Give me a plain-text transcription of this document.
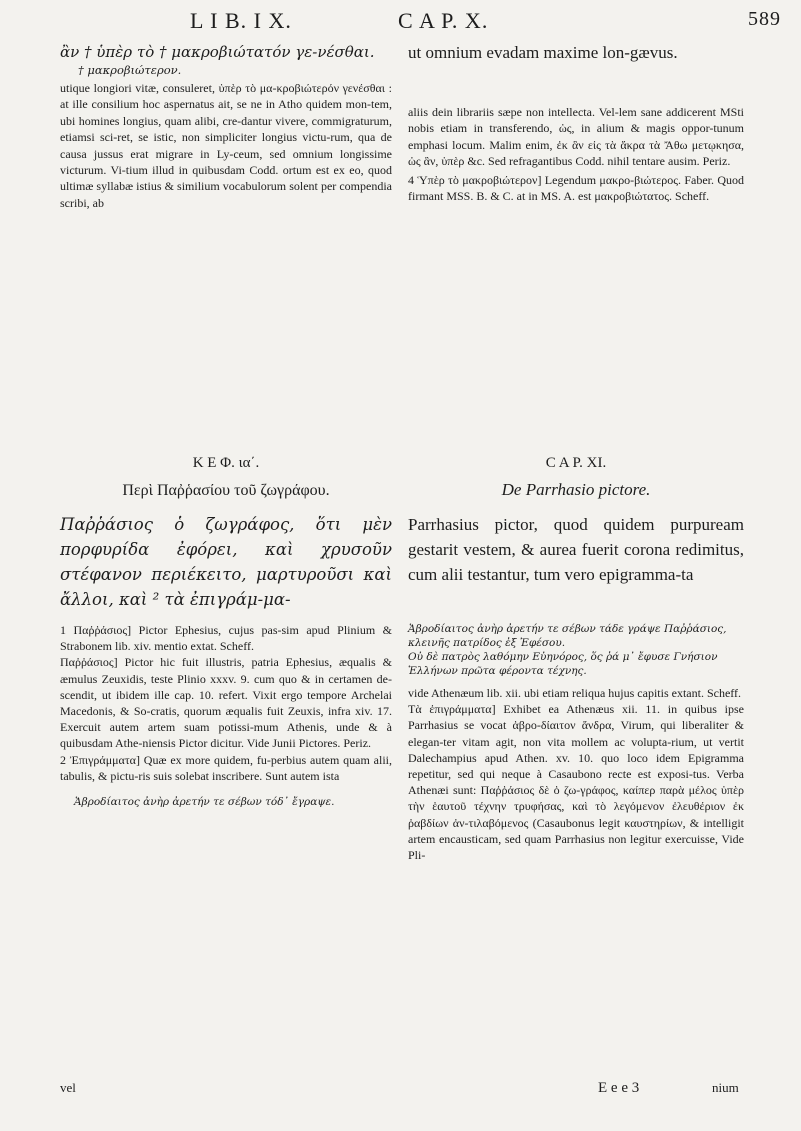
L I B. I X.	C A P. X.	589

ἂν † ὑπὲρ τὸ † μακροβιώτατόν γε-νέσθαι.

† μακροβιώτερον.

utique longiori vitæ, consuleret, ὑπὲρ τὸ μα-κροβιώτερόν γενέσθαι : at ille consilium hoc aspernatus ait, se ne in Atho quidem mon-tem, ubi homines longius, quam alibi, cre-dantur vivere, commigraturum, etiamsi sci-ret, se istic, non simpliciter longius victu-rum, qua de causa jussus erat migrare in Ly-ceum, sed omnium longissime victurum. Vi-tium illud in quibusdam Codd. ortum est ex eo, quod ultimæ syllabæ istius & similium vocabulorum solent per compendia scribi, ab

Κ Ε Φ. ια΄.
Περὶ Παῤῥασίου τοῦ ζωγράφου.

Παῤῥάσιος ὁ ζωγράφος, ὅτι μὲν πορφυρίδα ἐφόρει, καὶ χρυσοῦν στέφανον περιέκειτο, μαρτυροῦσι καὶ ἄλλοι, καὶ ² τὰ ἐπιγράμ-μα-

1 Παῤῥάσιος] Pictor Ephesius, cujus pas-sim apud Plinium & Strabonem lib. xiv. mentio extat. Scheff.

Παῤῥάσιος] Pictor hic fuit illustris, patria Ephesius, æqualis & æmulus Zeuxidis, teste Plinio xxxv. 9. cum quo & in certamen de-scendit, ut ibidem ille cap. 10. refert. Vixit ergo tempore Archelai Macedonis, & So-cratis, quorum æqualis fuit Zeuxis, infra xiv. 17. Exercuit autem artem suam potissi-mum Athenis, unde & à quibusdam Athe-niensis Pictor dicitur. Vide Junii Pictores. Periz.

2 Ἐπιγράμματα] Quæ ex more quidem, fu-perbius autem quam alii, tabulis, & pictu-ris suis solebat inscribere. Sunt autem ista

Ἁβροδίαιτος ἀνὴρ ἀρετήν τε σέβων τόδ᾽ ἔγραψε.

vel

ut omnium evadam maxime lon-gævus.

aliis dein librariis sæpe non intellecta. Vel-lem sane addicerent MSti nobis etiam in transferendo, ὡς, in alium & magis oppor-tunum emphasi locum. Malim enim, ἐκ ἂν εἰς τὰ ἄκρα τὰ Ἄθω μετῳκησα, ὡς ἂν, ὑπὲρ &c. Sed refragantibus Codd. nihil tentare ausim. Periz.

4 Ὑπὲρ τὸ μακροβιώτερον] Legendum μακρο-βιώτερος. Faber. Quod firmant MSS. B. & C. at in MS. A. est μακροβιώτατος. Scheff.

C A P. XI.
De Parrhasio pictore.

Parrhasius pictor, quod quidem purpuream gestarit vestem, & aurea fuerit corona redimitus, cum alii testantur, tum vero epigramma-ta

Ἁβροδίαιτος ἀνὴρ ἀρετήν τε σέβων τάδε γράψε Παῤῥάσιος, κλεινῆς πατρίδος ἐξ Ἐφέσου.

Οὐ δὲ πατρὸς λαθόμην Εὐηνόρος, ὅς ῥά μ᾽ ἔφυσε Γνήσιον Ἑλλήνων πρῶτα φέροντα τέχνης.

vide Athenæum lib. xii. ubi etiam reliqua hujus capitis extant. Scheff.

Τὰ ἐπιγράμματα] Exhibet ea Athenæus xii. 11. in quibus ipse Parrhasius se vocat ἁβρο-δίαιτον ἄνδρα, Virum, qui liberaliter & elegan-ter vitam agit, non vita mollem ac volupta-rium, ut vertit Dalechampius apud Athen. xv. 10. quo loco idem Epigramma repetitur, sed qui neque à Casaubono recte est exposi-tus. Verba Athenæi sunt: Παῤῥάσιος δὲ ὁ ζω-γράφος, καίπερ παρὰ μέλος ὑπὲρ τὴν ἑαυτοῦ τέχνην τρυφήσας, καὶ τὸ λεγόμενον ἐλευθέριον ἐκ ῥαβδίων ἀν-τιλαβόμενος (Casaubonus legit καυστηρίων, & intelligit artem encausticam, sed quam Parrhasius non legitur exercuisse, Vide Pli-

E e e 3	nium
